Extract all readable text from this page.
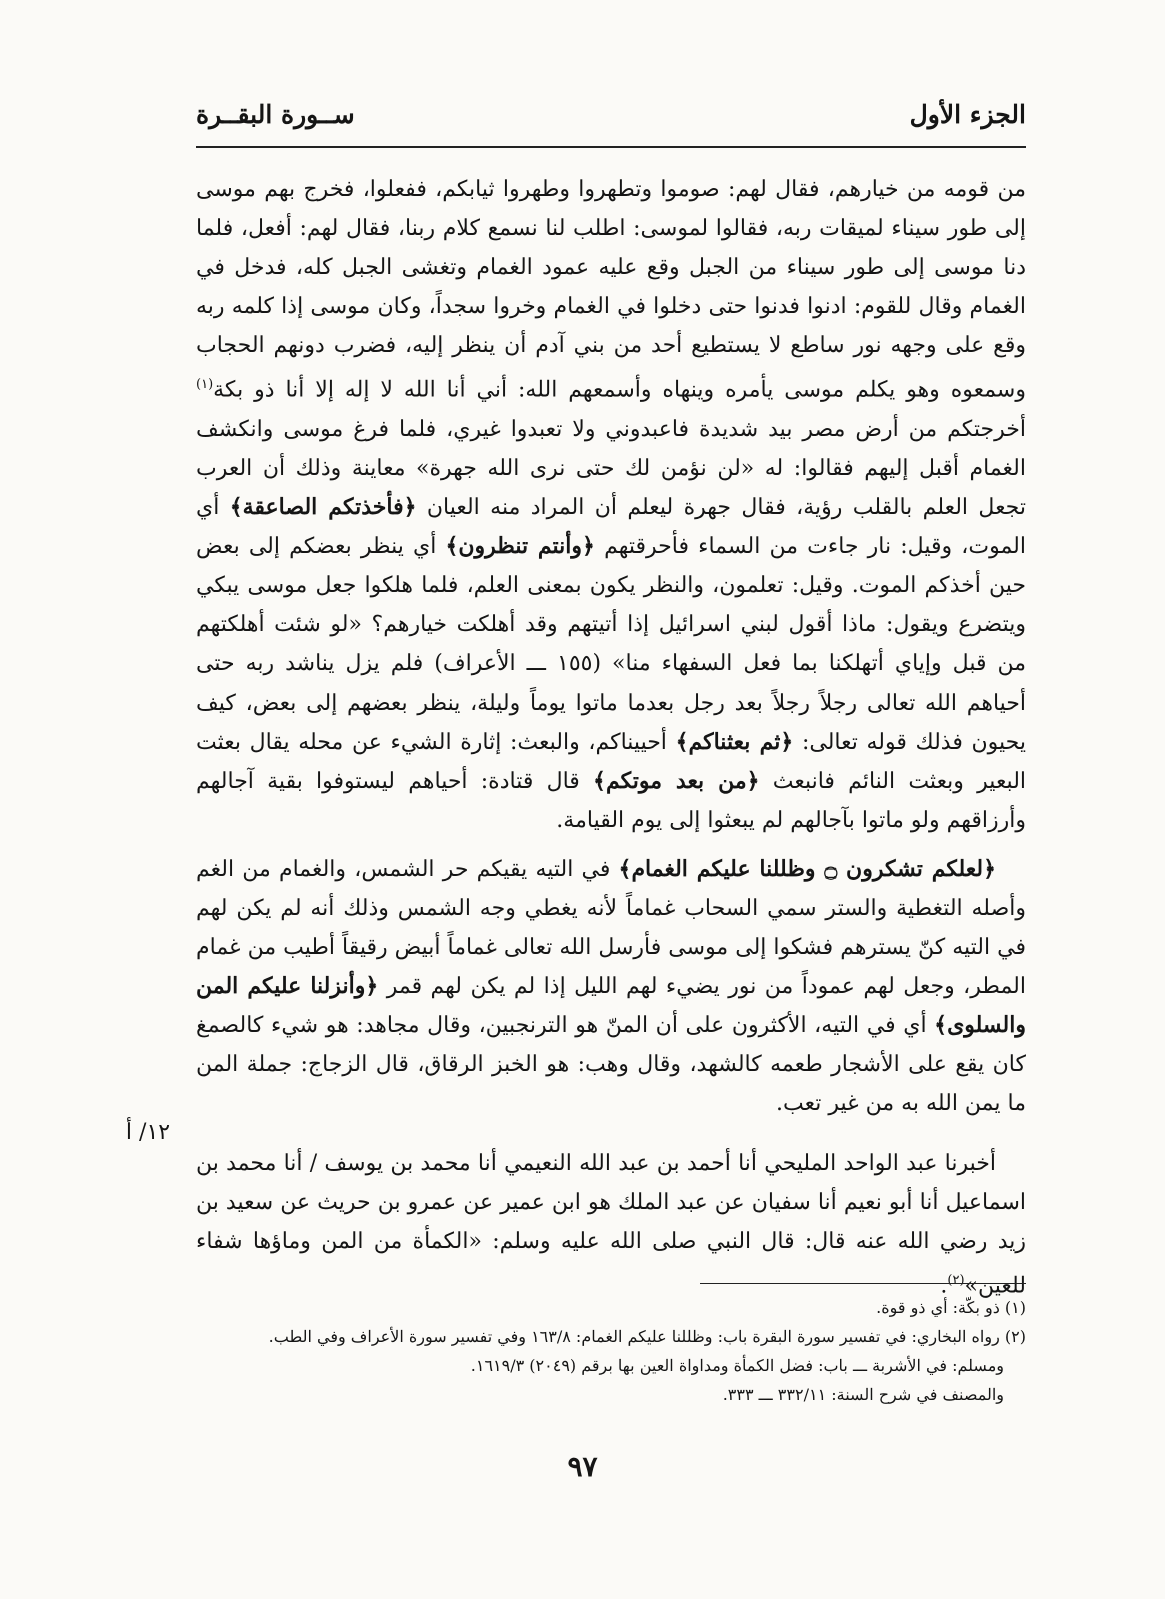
الجزء الأول
ســورة البقــرة

من قومه من خيارهم، فقال لهم: صوموا وتطهروا وطهروا ثيابكم، ففعلوا، فخرج بهم موسى إلى طور سيناء لميقات ربه، فقالوا لموسى: اطلب لنا نسمع كلام ربنا، فقال لهم: أفعل، فلما دنا موسى إلى طور سيناء من الجبل وقع عليه عمود الغمام وتغشى الجبل كله، فدخل في الغمام وقال للقوم: ادنوا فدنوا حتى دخلوا في الغمام وخروا سجداً، وكان موسى إذا كلمه ربه وقع على وجهه نور ساطع لا يستطيع أحد من بني آدم أن ينظر إليه، فضرب دونهم الحجاب وسمعوه وهو يكلم موسى يأمره وينهاه وأسمعهم الله: أني أنا الله لا إله إلا أنا ذو بكة$^{(١)}$ أخرجتكم من أرض مصر بيد شديدة فاعبدوني ولا تعبدوا غيري، فلما فرغ موسى وانكشف الغمام أقبل إليهم فقالوا: له «لن نؤمن لك حتى نرى الله جهرة» معاينة وذلك أن العرب تجعل العلم بالقلب رؤية، فقال جهرة ليعلم أن المراد منه العيان ﴿فأخذتكم الصاعقة﴾ أي الموت، وقيل: نار جاءت من السماء فأحرقتهم ﴿وأنتم تنظرون﴾ أي ينظر بعضكم إلى بعض حين أخذكم الموت. وقيل: تعلمون، والنظر يكون بمعنى العلم، فلما هلكوا جعل موسى يبكي ويتضرع ويقول: ماذا أقول لبني اسرائيل إذا أتيتهم وقد أهلكت خيارهم؟ «لو شئت أهلكتهم من قبل وإياي أتهلكنا بما فعل السفهاء منا» (١٥٥ ـــ الأعراف) فلم يزل يناشد ربه حتى أحياهم الله تعالى رجلاً رجلاً بعد رجل بعدما ماتوا يوماً وليلة، ينظر بعضهم إلى بعض، كيف يحيون فذلك قوله تعالى: ﴿ثم بعثناكم﴾ أحييناكم، والبعث: إثارة الشيء عن محله يقال بعثت البعير وبعثت النائم فانبعث ﴿من بعد موتكم﴾ قال قتادة: أحياهم ليستوفوا بقية آجالهم وأرزاقهم ولو ماتوا بآجالهم لم يبعثوا إلى يوم القيامة.

﴿لعلكم تشكرون ۝ وظللنا عليكم الغمام﴾ في التيه يقيكم حر الشمس، والغمام من الغم وأصله التغطية والستر سمي السحاب غماماً لأنه يغطي وجه الشمس وذلك أنه لم يكن لهم في التيه كنّ يسترهم فشكوا إلى موسى فأرسل الله تعالى غماماً أبيض رقيقاً أطيب من غمام المطر، وجعل لهم عموداً من نور يضيء لهم الليل إذا لم يكن لهم قمر ﴿وأنزلنا عليكم المن والسلوى﴾ أي في التيه، الأكثرون على أن المنّ هو الترنجبين، وقال مجاهد: هو شيء كالصمغ كان يقع على الأشجار طعمه كالشهد، وقال وهب: هو الخبز الرقاق، قال الزجاج: جملة المن ما يمن الله به من غير تعب.

أخبرنا عبد الواحد المليحي أنا أحمد بن عبد الله النعيمي أنا محمد بن يوسف / أنا محمد بن اسماعيل أنا أبو نعيم أنا سفيان عن عبد الملك هو ابن عمير عن عمرو بن حريث عن سعيد بن زيد رضي الله عنه قال: قال النبي صلى الله عليه وسلم: «الكمأة من المن وماؤها شفاء للعين»$^{(٢)}$.

١٢/ أ

(١) ذو بكّة: أي ذو قوة.

(٢) رواه البخاري: في تفسير سورة البقرة باب: وظللنا عليكم الغمام: ١٦٣/٨ وفي تفسير سورة الأعراف وفي الطب.

ومسلم: في الأشربة ـــ باب: فضل الكمأة ومداواة العين بها برقم (٢٠٤٩) ١٦١٩/٣.

والمصنف في شرح السنة: ٣٣٢/١١ ـــ ٣٣٣.

٩٧
